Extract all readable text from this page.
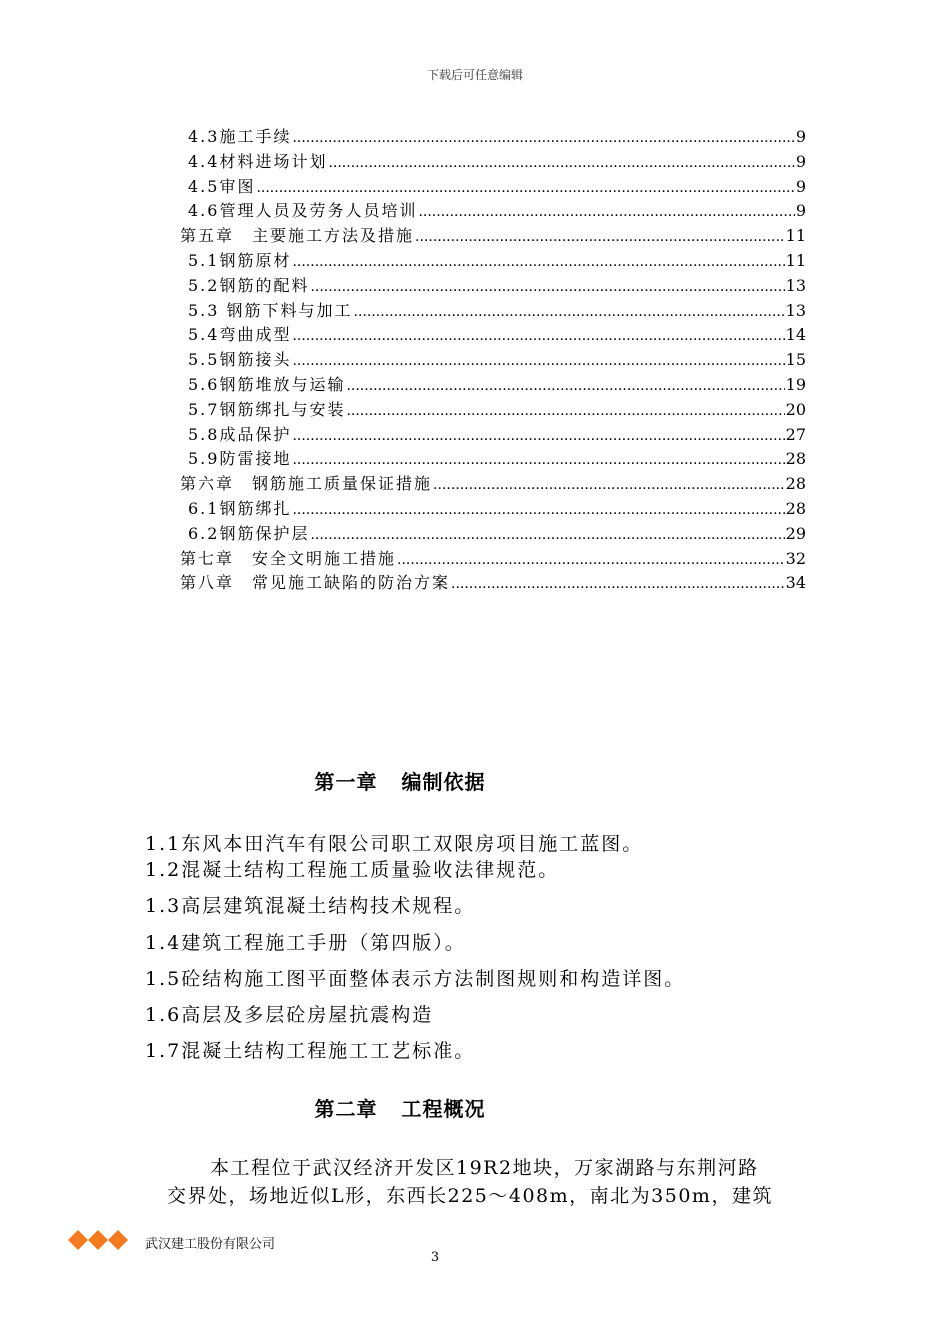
下载后可任意编辑
4.3施工手续 .....	9
4.4材料进场计划 .....	9
4.5审图 .....	9
4.6管理人员及劳务人员培训 .....	9
第五章　主要施工方法及措施 .....	11
5.1钢筋原材 .....	11
5.2钢筋的配料 .....	13
5.3 钢筋下料与加工 .....	13
5.4弯曲成型 .....	14
5.5钢筋接头 .....	15
5.6钢筋堆放与运输 .....	19
5.7钢筋绑扎与安装 .....	20
5.8成品保护 .....	27
5.9防雷接地 .....	28
第六章　钢筋施工质量保证措施 .....	28
6.1钢筋绑扎 .....	28
6.2钢筋保护层 .....	29
第七章　安全文明施工措施 .....	32
第八章　常见施工缺陷的防治方案 .....	34
第一章 编制依据
1.1东风本田汽车有限公司职工双限房项目施工蓝图。
1.2混凝土结构工程施工质量验收法律规范。
1.3高层建筑混凝土结构技术规程。
1.4建筑工程施工手册（第四版）。
1.5砼结构施工图平面整体表示方法制图规则和构造详图。
1.6高层及多层砼房屋抗震构造
1.7混凝土结构工程施工工艺标准。
第二章 工程概况
本工程位于武汉经济开发区19R2地块，万家湖路与东荆河路
交界处，场地近似L形，东西长225～408m，南北为350m，建筑
武汉建工股份有限公司
3
